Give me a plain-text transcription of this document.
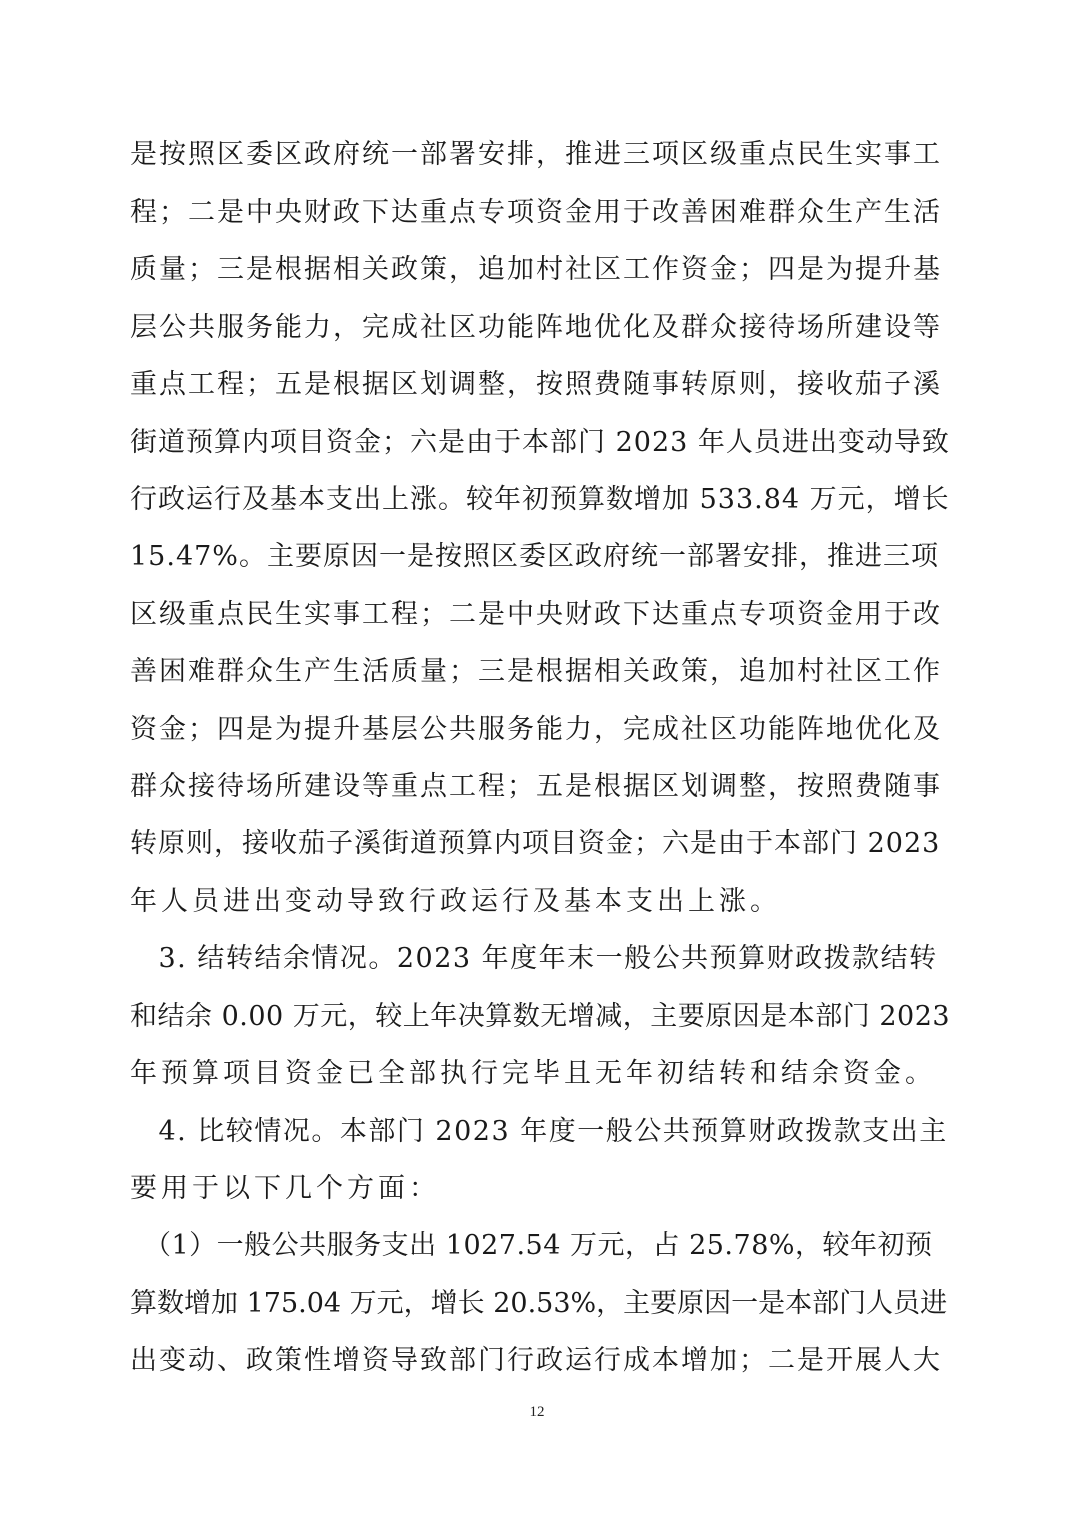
是按照区委区政府统一部署安排，推进三项区级重点民生实事工
程；二是中央财政下达重点专项资金用于改善困难群众生产生活
质量；三是根据相关政策，追加村社区工作资金；四是为提升基
层公共服务能力，完成社区功能阵地优化及群众接待场所建设等
重点工程；五是根据区划调整，按照费随事转原则，接收茄子溪
街道预算内项目资金；六是由于本部门 2023 年人员进出变动导致
行政运行及基本支出上涨。较年初预算数增加 533.84 万元，增长
15.47%。主要原因一是按照区委区政府统一部署安排，推进三项
区级重点民生实事工程；二是中央财政下达重点专项资金用于改
善困难群众生产生活质量；三是根据相关政策，追加村社区工作
资金；四是为提升基层公共服务能力，完成社区功能阵地优化及
群众接待场所建设等重点工程；五是根据区划调整，按照费随事
转原则，接收茄子溪街道预算内项目资金；六是由于本部门 2023
年人员进出变动导致行政运行及基本支出上涨。
　3. 结转结余情况。2023 年度年末一般公共预算财政拨款结转
和结余 0.00 万元，较上年决算数无增减，主要原因是本部门 2023
年预算项目资金已全部执行完毕且无年初结转和结余资金。
　4. 比较情况。本部门 2023 年度一般公共预算财政拨款支出主
要用于以下几个方面：
　（1）一般公共服务支出 1027.54 万元，占 25.78%，较年初预
算数增加 175.04 万元，增长 20.53%，主要原因一是本部门人员进
出变动、政策性增资导致部门行政运行成本增加；二是开展人大
12
